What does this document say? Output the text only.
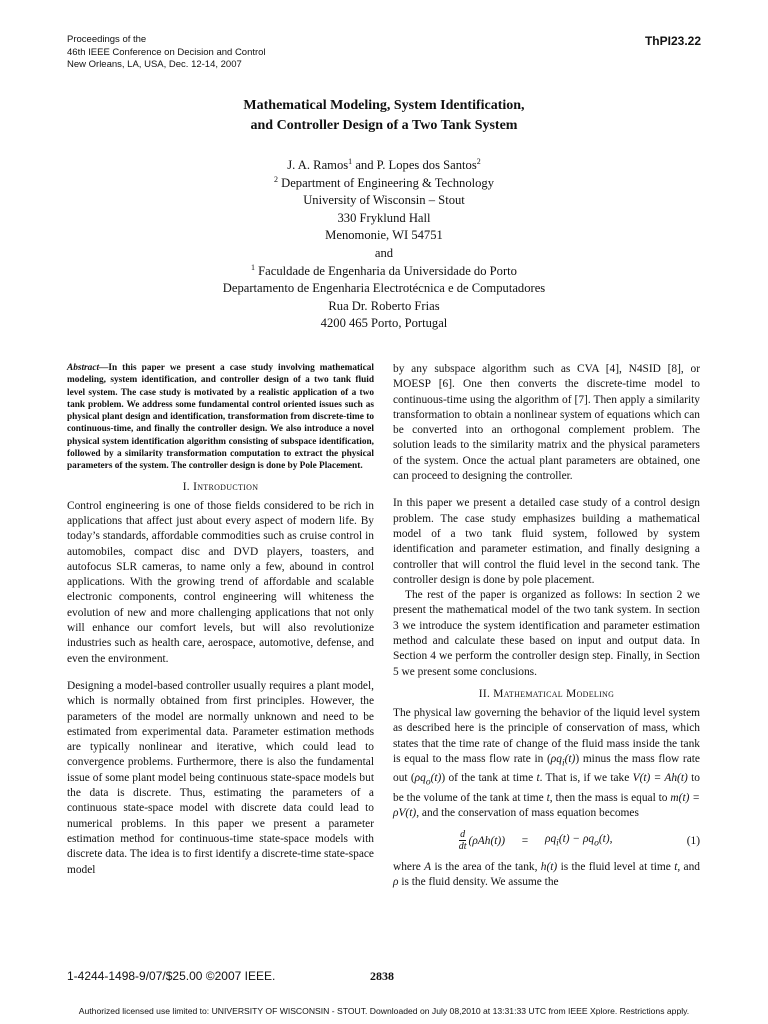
Proceedings of the
46th IEEE Conference on Decision and Control
New Orleans, LA, USA, Dec. 12-14, 2007
ThPI23.22
Mathematical Modeling, System Identification,
and Controller Design of a Two Tank System
J. A. Ramos$^1$ and P. Lopes dos Santos$^2$
$^2$ Department of Engineering & Technology
University of Wisconsin – Stout
330 Fryklund Hall
Menomonie, WI 54751
and
$^1$ Faculdade de Engenharia da Universidade do Porto
Departamento de Engenharia Electrotécnica e de Computadores
Rua Dr. Roberto Frias
4200 465 Porto, Portugal

Abstract—In this paper we present a case study involving mathematical modeling, system identification, and controller design of a two tank fluid level system. The case study is motivated by a realistic application of a two tank problem. We address some fundamental control oriented issues such as physical plant design and identification, transformation from discrete-time to continuous-time, and finally the controller design. We also introduce a novel physical system identification algorithm consisting of subspace identification, followed by a similarity transformation computation to extract the physical parameters of the system. The controller design is done by Pole Placement.

I. Introduction

Control engineering is one of those fields considered to be rich in applications that affect just about every aspect of modern life. By today’s standards, affordable commodities such as cruise control in automobiles, compact disc and DVD players, toasters, and autofocus SLR cameras, to name only a few, abound in control applications. With the growing trend of affordable and scalable electronic components, control engineering will whiteness the evolution of new and more challenging applications that not only will enhance our comfort levels, but will also revolutionize industries such as health care, aerospace, automotive, defense, and even the environment.

Designing a model-based controller usually requires a plant model, which is normally obtained from first principles. However, the parameters of the model are normally unknown and need to be estimated from experimental data. Parameter estimation methods are typically nonlinear and iterative, which could lead to convergence problems. Furthermore, there is also the fundamental issue of some plant model being continuous state-space models but the data is discrete. Thus, estimating the parameters of a continuous state-space model with discrete data could lead to numerical problems. In this paper we present a parameter estimation method for continuous-time state-space models with discrete data. The idea is to first identify a discrete-time state-space model

by any subspace algorithm such as CVA [4], N4SID [8], or MOESP [6]. One then converts the discrete-time model to continuous-time using the algorithm of [7]. Then apply a similarity transformation to obtain a nonlinear system of equations which can be converted into an orthogonal complement problem. The solution leads to the similarity matrix and the physical parameters of the system. Once the actual plant parameters are obtained, one can proceed to designing the controller.

In this paper we present a detailed case study of a control design problem. The case study emphasizes building a mathematical model of a two tank fluid system, followed by system identification and parameter estimation, and finally designing a controller that will control the fluid level in the second tank. The controller design is done by pole placement.

The rest of the paper is organized as follows: In section 2 we present the mathematical model of the two tank system. In section 3 we introduce the system identification and parameter estimation method and calculate these based on input and output data. In Section 4 we perform the controller design step. Finally, in Section 5 we present some conclusions.

II. Mathematical Modeling

The physical law governing the behavior of the liquid level system as described here is the principle of conservation of mass, which states that the time rate of change of the fluid mass inside the tank is equal to the mass flow rate in $(\rho q_i(t))$ minus the mass flow rate out $(\rho q_o(t))$ of the tank at time t. That is, if we take V(t) = Ah(t) to be the volume of the tank at time t, then the mass is equal to m(t) = ρV(t), and the conservation of mass equation becomes

$\frac{d}{dt} (\rho Ah(t))$	=	$\rho q_i(t) - \rho q_o(t)$,	(1)

where A is the area of the tank, h(t) is the fluid level at time t, and ρ is the fluid density. We assume the

1-4244-1498-9/07/$25.00 ©2007 IEEE.	2838
Authorized licensed use limited to: UNIVERSITY OF WISCONSIN - STOUT. Downloaded on July 08,2010 at 13:31:33 UTC from IEEE Xplore. Restrictions apply.
